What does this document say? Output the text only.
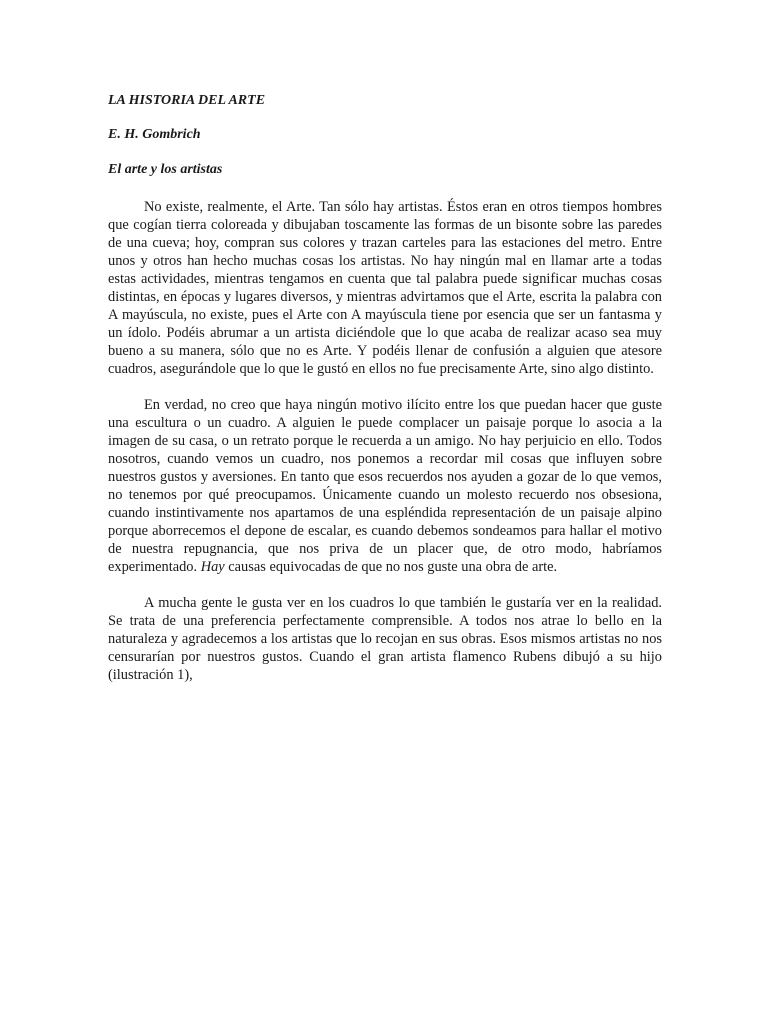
LA HISTORIA DEL ARTE

E. H. Gombrich

El arte y los artistas

No existe, realmente, el Arte. Tan sólo hay artistas. Éstos eran en otros tiempos hombres que cogían tierra coloreada y dibujaban toscamente las formas de un bisonte sobre las paredes de una cueva; hoy, compran sus colores y trazan carteles para las estaciones del metro. Entre unos y otros han hecho muchas cosas los artistas. No hay ningún mal en llamar arte a todas estas actividades, mientras tengamos en cuenta que tal palabra puede significar muchas cosas distintas, en épocas y lugares diversos, y mientras advirtamos que el Arte, escrita la palabra con A mayúscula, no existe, pues el Arte con A mayúscula tiene por esencia que ser un fantasma y un ídolo. Podéis abrumar a un artista diciéndole que lo que acaba de realizar acaso sea muy bueno a su manera, sólo que no es Arte. Y podéis llenar de confusión a alguien que atesore cuadros, asegurándole que lo que le gustó en ellos no fue precisamente Arte, sino algo distinto.

En verdad, no creo que haya ningún motivo ilícito entre los que puedan hacer que guste una escultura o un cuadro. A alguien le puede complacer un paisaje porque lo asocia a la imagen de su casa, o un retrato porque le recuerda a un amigo. No hay perjuicio en ello. Todos nosotros, cuando vemos un cuadro, nos ponemos a recordar mil cosas que influyen sobre nuestros gustos y aversiones. En tanto que esos recuerdos nos ayuden a gozar de lo que vemos, no tenemos por qué preocupamos. Únicamente cuando un molesto recuerdo nos obsesiona, cuando instintivamente nos apartamos de una espléndida representación de un paisaje alpino porque aborrecemos el depone de escalar, es cuando debemos sondeamos para hallar el motivo de nuestra repugnancia, que nos priva de un placer que, de otro modo, habríamos experimentado. Hay causas equivocadas de que no nos guste una obra de arte.

A mucha gente le gusta ver en los cuadros lo que también le gustaría ver en la realidad. Se trata de una preferencia perfectamente comprensible. A todos nos atrae lo bello en la naturaleza y agradecemos a los artistas que lo recojan en sus obras. Esos mismos artistas no nos censurarían por nuestros gustos. Cuando el gran artista flamenco Rubens dibujó a su hijo (ilustración 1),
